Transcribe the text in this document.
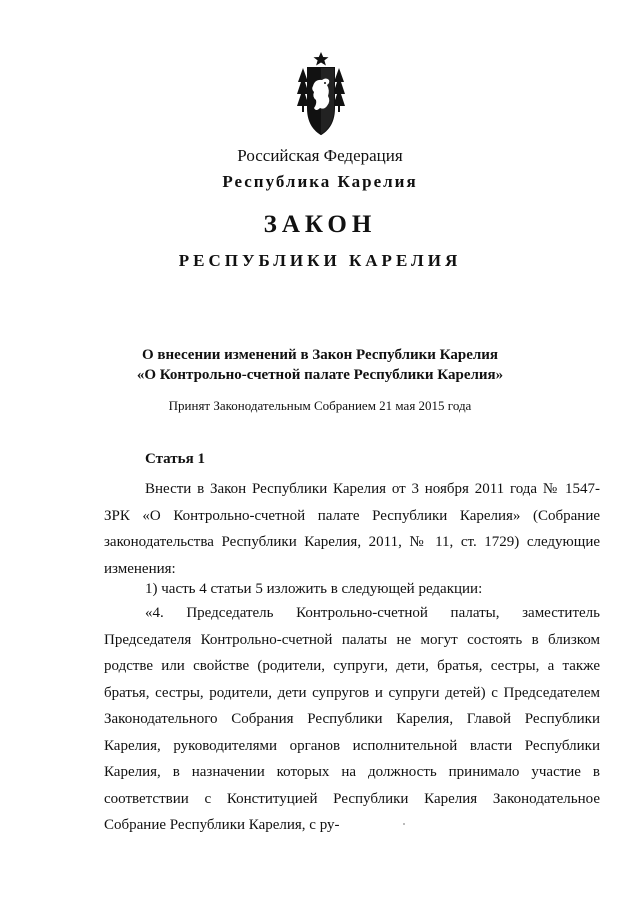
Российская Федерация
Республика Карелия
ЗАКОН
РЕСПУБЛИКИ КАРЕЛИЯ
О внесении изменений в Закон Республики Карелия
«О Контрольно-счетной палате Республики Карелия»
Принят Законодательным Собранием 21 мая 2015 года
Статья 1
Внести в Закон Республики Карелия от 3 ноября 2011 года № 1547-ЗРК «О Контрольно-счетной палате Республики Карелия» (Собрание законодательства Республики Карелия, 2011, № 11, ст. 1729) следующие изменения:
1) часть 4 статьи 5 изложить в следующей редакции:
«4. Председатель Контрольно-счетной палаты, заместитель Председателя Контрольно-счетной палаты не могут состоять в близком родстве или свойстве (родители, супруги, дети, братья, сестры, а также братья, сестры, родители, дети супругов и супруги детей) с Председателем Законодательного Собрания Республики Карелия, Главой Республики Карелия, руководителями органов исполнительной власти Республики Карелия, в назначении которых на должность принимало участие в соответствии с Конституцией Республики Карелия Законодательное Собрание Республики Карелия, с ру-
